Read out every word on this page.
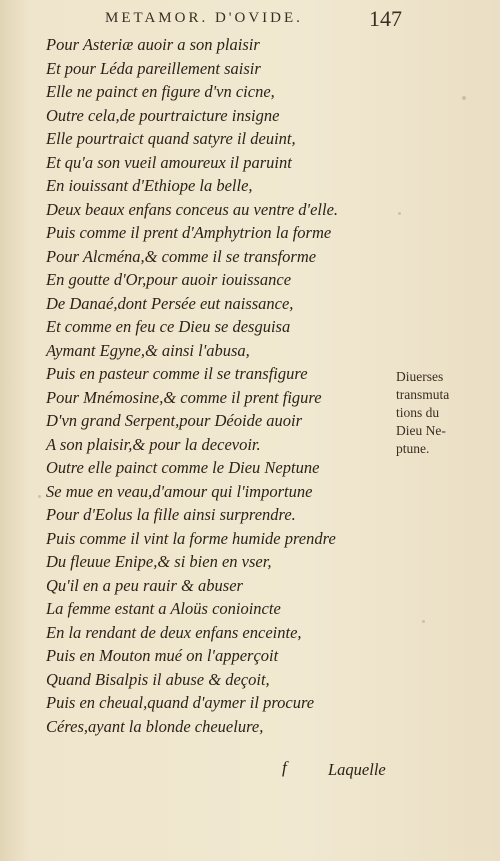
METAMOR. D'OVIDE.	147
Pour Asteriæ auoir a son plaisir
Et pour Léda pareillement saisir
Elle ne painct en figure d'vn cicne,
Outre cela,de pourtraicture insigne
Elle pourtraict quand satyre il deuint,
Et qu'a son vueil amoureux il paruint
En iouissant d'Ethiope la belle,
Deux beaux enfans conceus au ventre d'elle.
Puis comme il prent d'Amphytrion la forme
Pour Alcména,& comme il se transforme
En goutte d'Or,pour auoir iouissance
De Danaé,dont Persée eut naissance,
Et comme en feu ce Dieu se desguisa
Aymant Egyne,& ainsi l'abusa,
Puis en pasteur comme il se transfigure
Pour Mnémosine,& comme il prent figure
D'vn grand Serpent,pour Déoide auoir
A son plaisir,& pour la decevoir.
Outre elle painct comme le Dieu Neptune
Se mue en veau,d'amour qui l'importune
Pour d'Eolus la fille ainsi surprendre.
Puis comme il vint la forme humide prendre
Du fleuue Enipe,& si bien en vser,
Qu'il en a peu rauir & abuser
La femme estant a Aloüs conioincte
En la rendant de deux enfans enceinte,
Puis en Mouton mué on l'apperçoit
Quand Bisalpis il abuse & deçoit,
Puis en cheual,quand d'aymer il procure
Céres,ayant la blonde cheuelure,
Diuerses
transmuta
tions du
Dieu Ne-
ptune.
f	Laquelle
